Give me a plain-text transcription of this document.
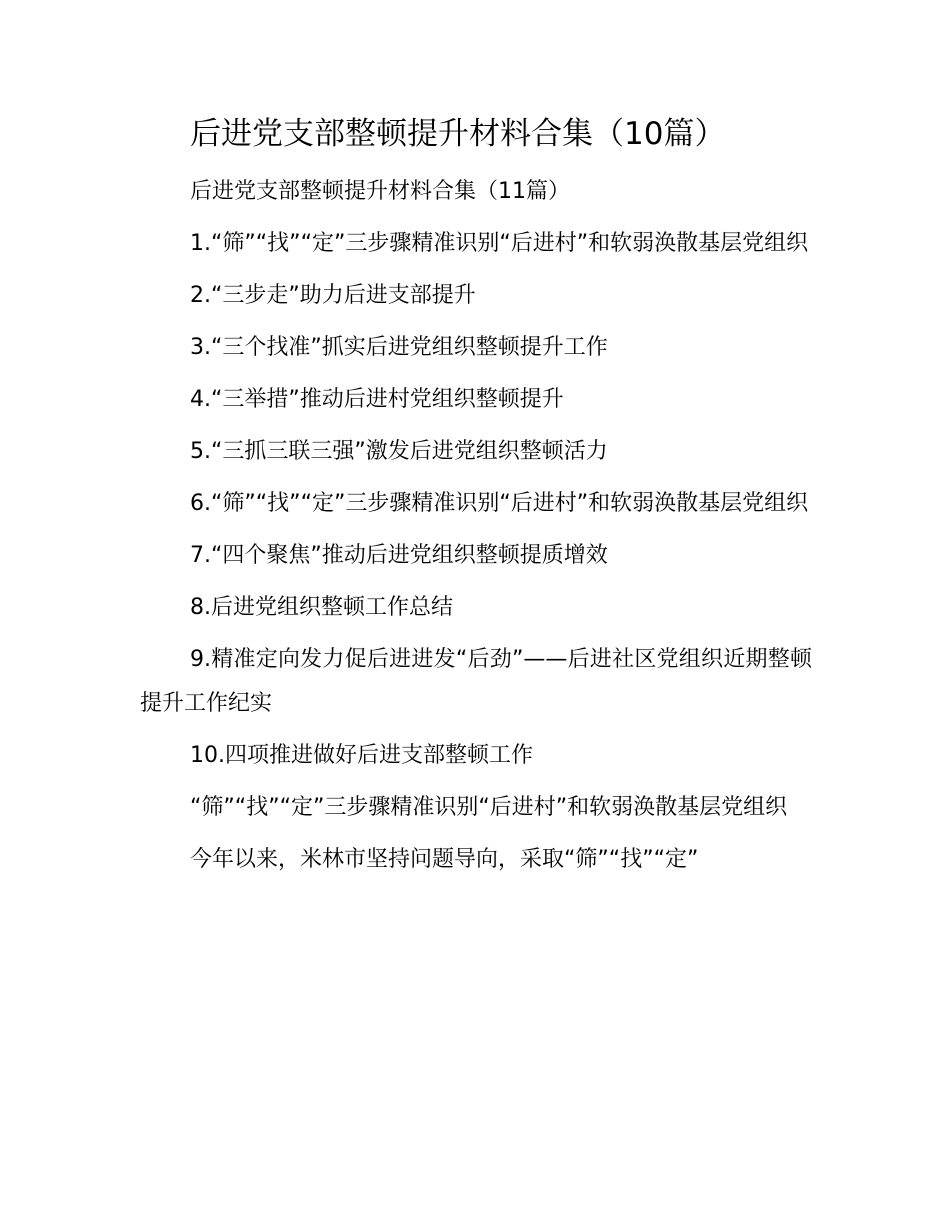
后进党支部整顿提升材料合集（10篇）

后进党支部整顿提升材料合集（11篇）

1.“筛”“找”“定”三步骤精准识别“后进村”和软弱涣散基层党组织

2.“三步走”助力后进支部提升

3.“三个找准”抓实后进党组织整顿提升工作

4.“三举措”推动后进村党组织整顿提升

5.“三抓三联三强”激发后进党组织整顿活力

6.“筛”“找”“定”三步骤精准识别“后进村”和软弱涣散基层党组织

7.“四个聚焦”推动后进党组织整顿提质增效

8.后进党组织整顿工作总结

9.精准定向发力促后进进发“后劲”——后进社区党组织近期整顿提升工作纪实

10.四项推进做好后进支部整顿工作

“筛”“找”“定”三步骤精准识别“后进村”和软弱涣散基层党组织

今年以来，米林市坚持问题导向，采取“筛”“找”“定”
